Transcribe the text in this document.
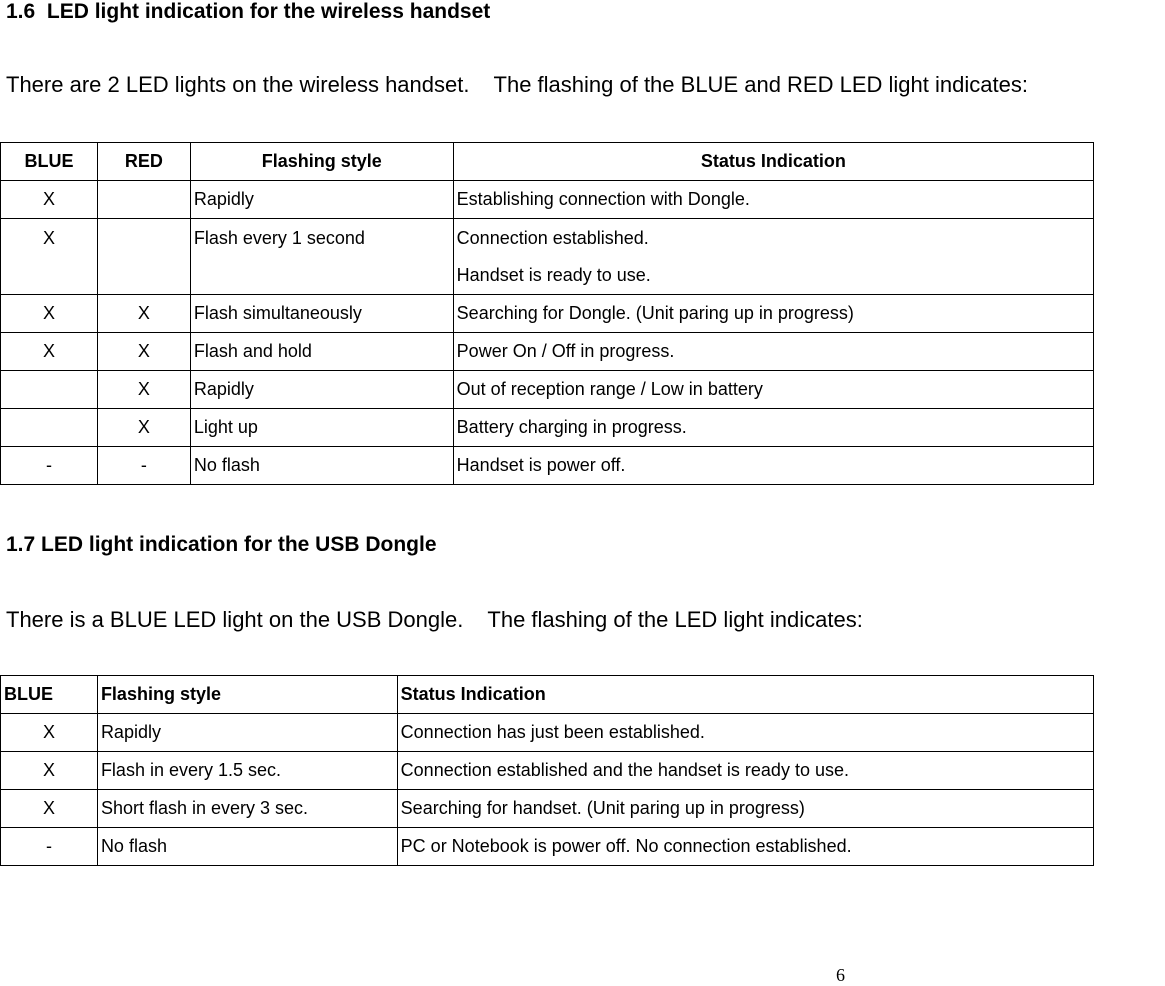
1.6  LED light indication for the wireless handset
There are 2 LED lights on the wireless handset.    The flashing of the BLUE and RED LED light indicates:
BLUE	RED	Flashing style	Status Indication
X		Rapidly	Establishing connection with Dongle.
X		Flash every 1 second	Connection established.
Handset is ready to use.

X	X	Flash simultaneously	Searching for Dongle. (Unit paring up in progress)
X	X	Flash and hold	Power On / Off in progress.
	X	Rapidly	Out of reception range / Low in battery
	X	Light up	Battery charging in progress.
-	-	No flash	Handset is power off.
1.7 LED light indication for the USB Dongle
There is a BLUE LED light on the USB Dongle.    The flashing of the LED light indicates:
BLUE	Flashing style	Status Indication
X	Rapidly	Connection has just been established.
X	Flash in every 1.5 sec.	Connection established and the handset is ready to use.
X	Short flash in every 3 sec.	Searching for handset. (Unit paring up in progress)
-	No flash	PC or Notebook is power off. No connection established.
6
